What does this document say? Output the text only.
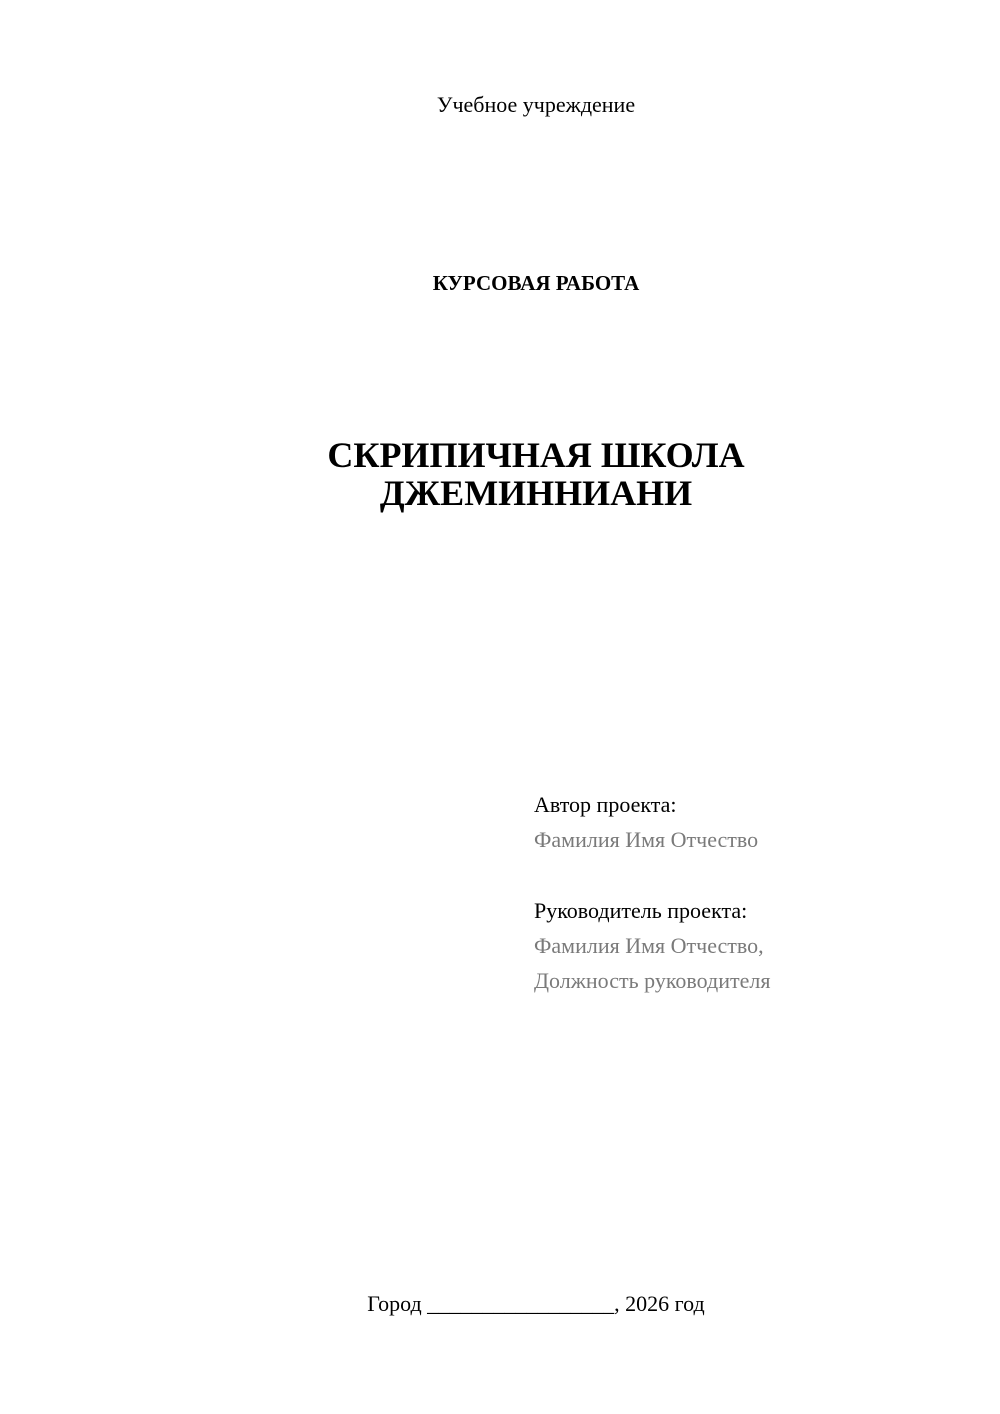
Учебное учреждение
КУРСОВАЯ РАБОТА
СКРИПИЧНАЯ ШКОЛА
ДЖЕМИННИАНИ
Автор проекта:
Фамилия Имя Отчество
Руководитель проекта:
Фамилия Имя Отчество,
Должность руководителя
Город _________________, 2026 год
